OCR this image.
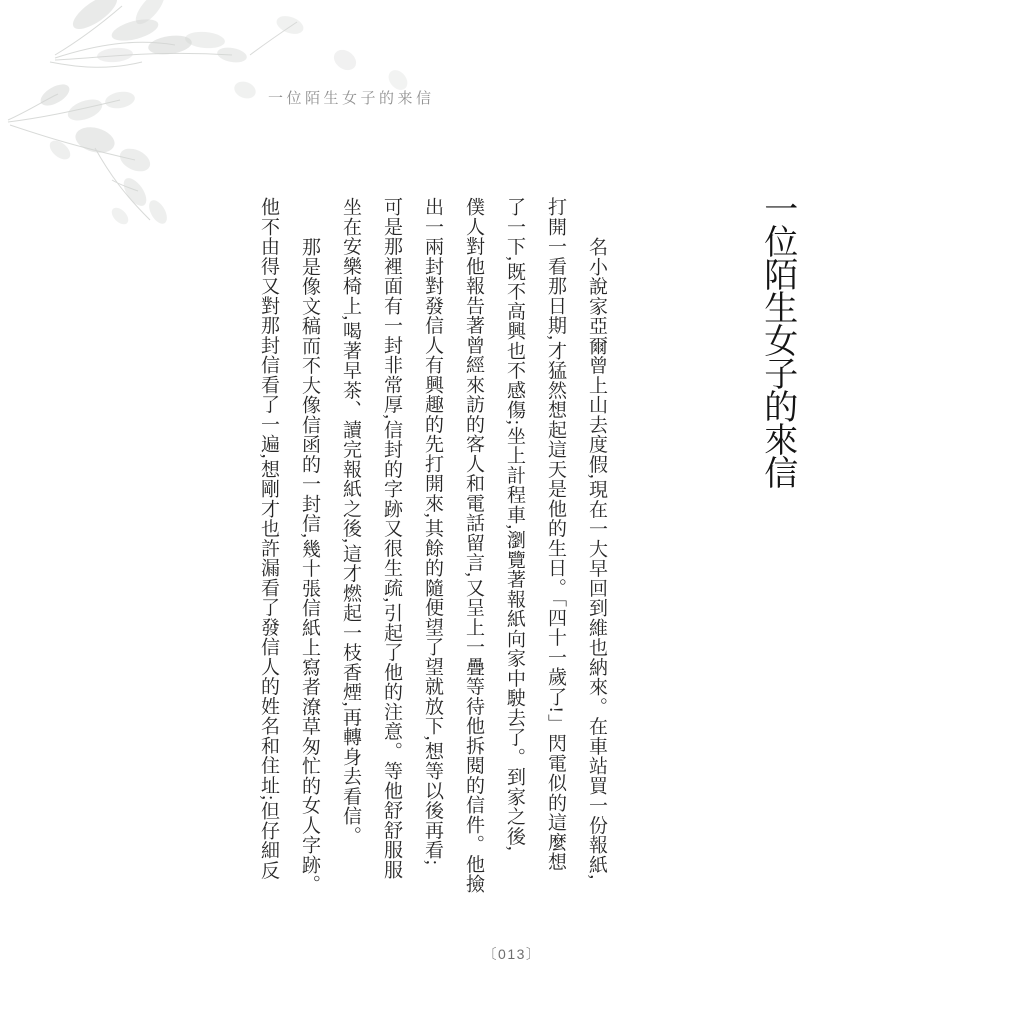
一位陌生女子的来信
一位陌生女子的來信
名小說家亞爾曾上山去度假,現在一大早回到維也納來。在車站買一份報紙,
打開一看那日期,才猛然想起這天是他的生日。「四十一歲了!」閃電似的這麼想
了一下,既不高興也不感傷;坐上計程車,瀏覽著報紙向家中駛去了。到家之後,
僕人對他報告著曾經來訪的客人和電話留言,又呈上一疊等待他拆閱的信件。他撿
出一兩封對發信人有興趣的先打開來,其餘的隨便望了望就放下,想等以後再看;
可是那裡面有一封非常厚,信封的字跡又很生疏,引起了他的注意。等他舒舒服服
坐在安樂椅上,喝著早茶、讀完報紙之後,這才燃起一枝香煙,再轉身去看信。
那是像文稿而不大像信函的一封信,幾十張信紙上寫者潦草匆忙的女人字跡。
他不由得又對那封信看了一遍,想剛才也許漏看了發信人的姓名和住址;但仔細反
〔013〕
